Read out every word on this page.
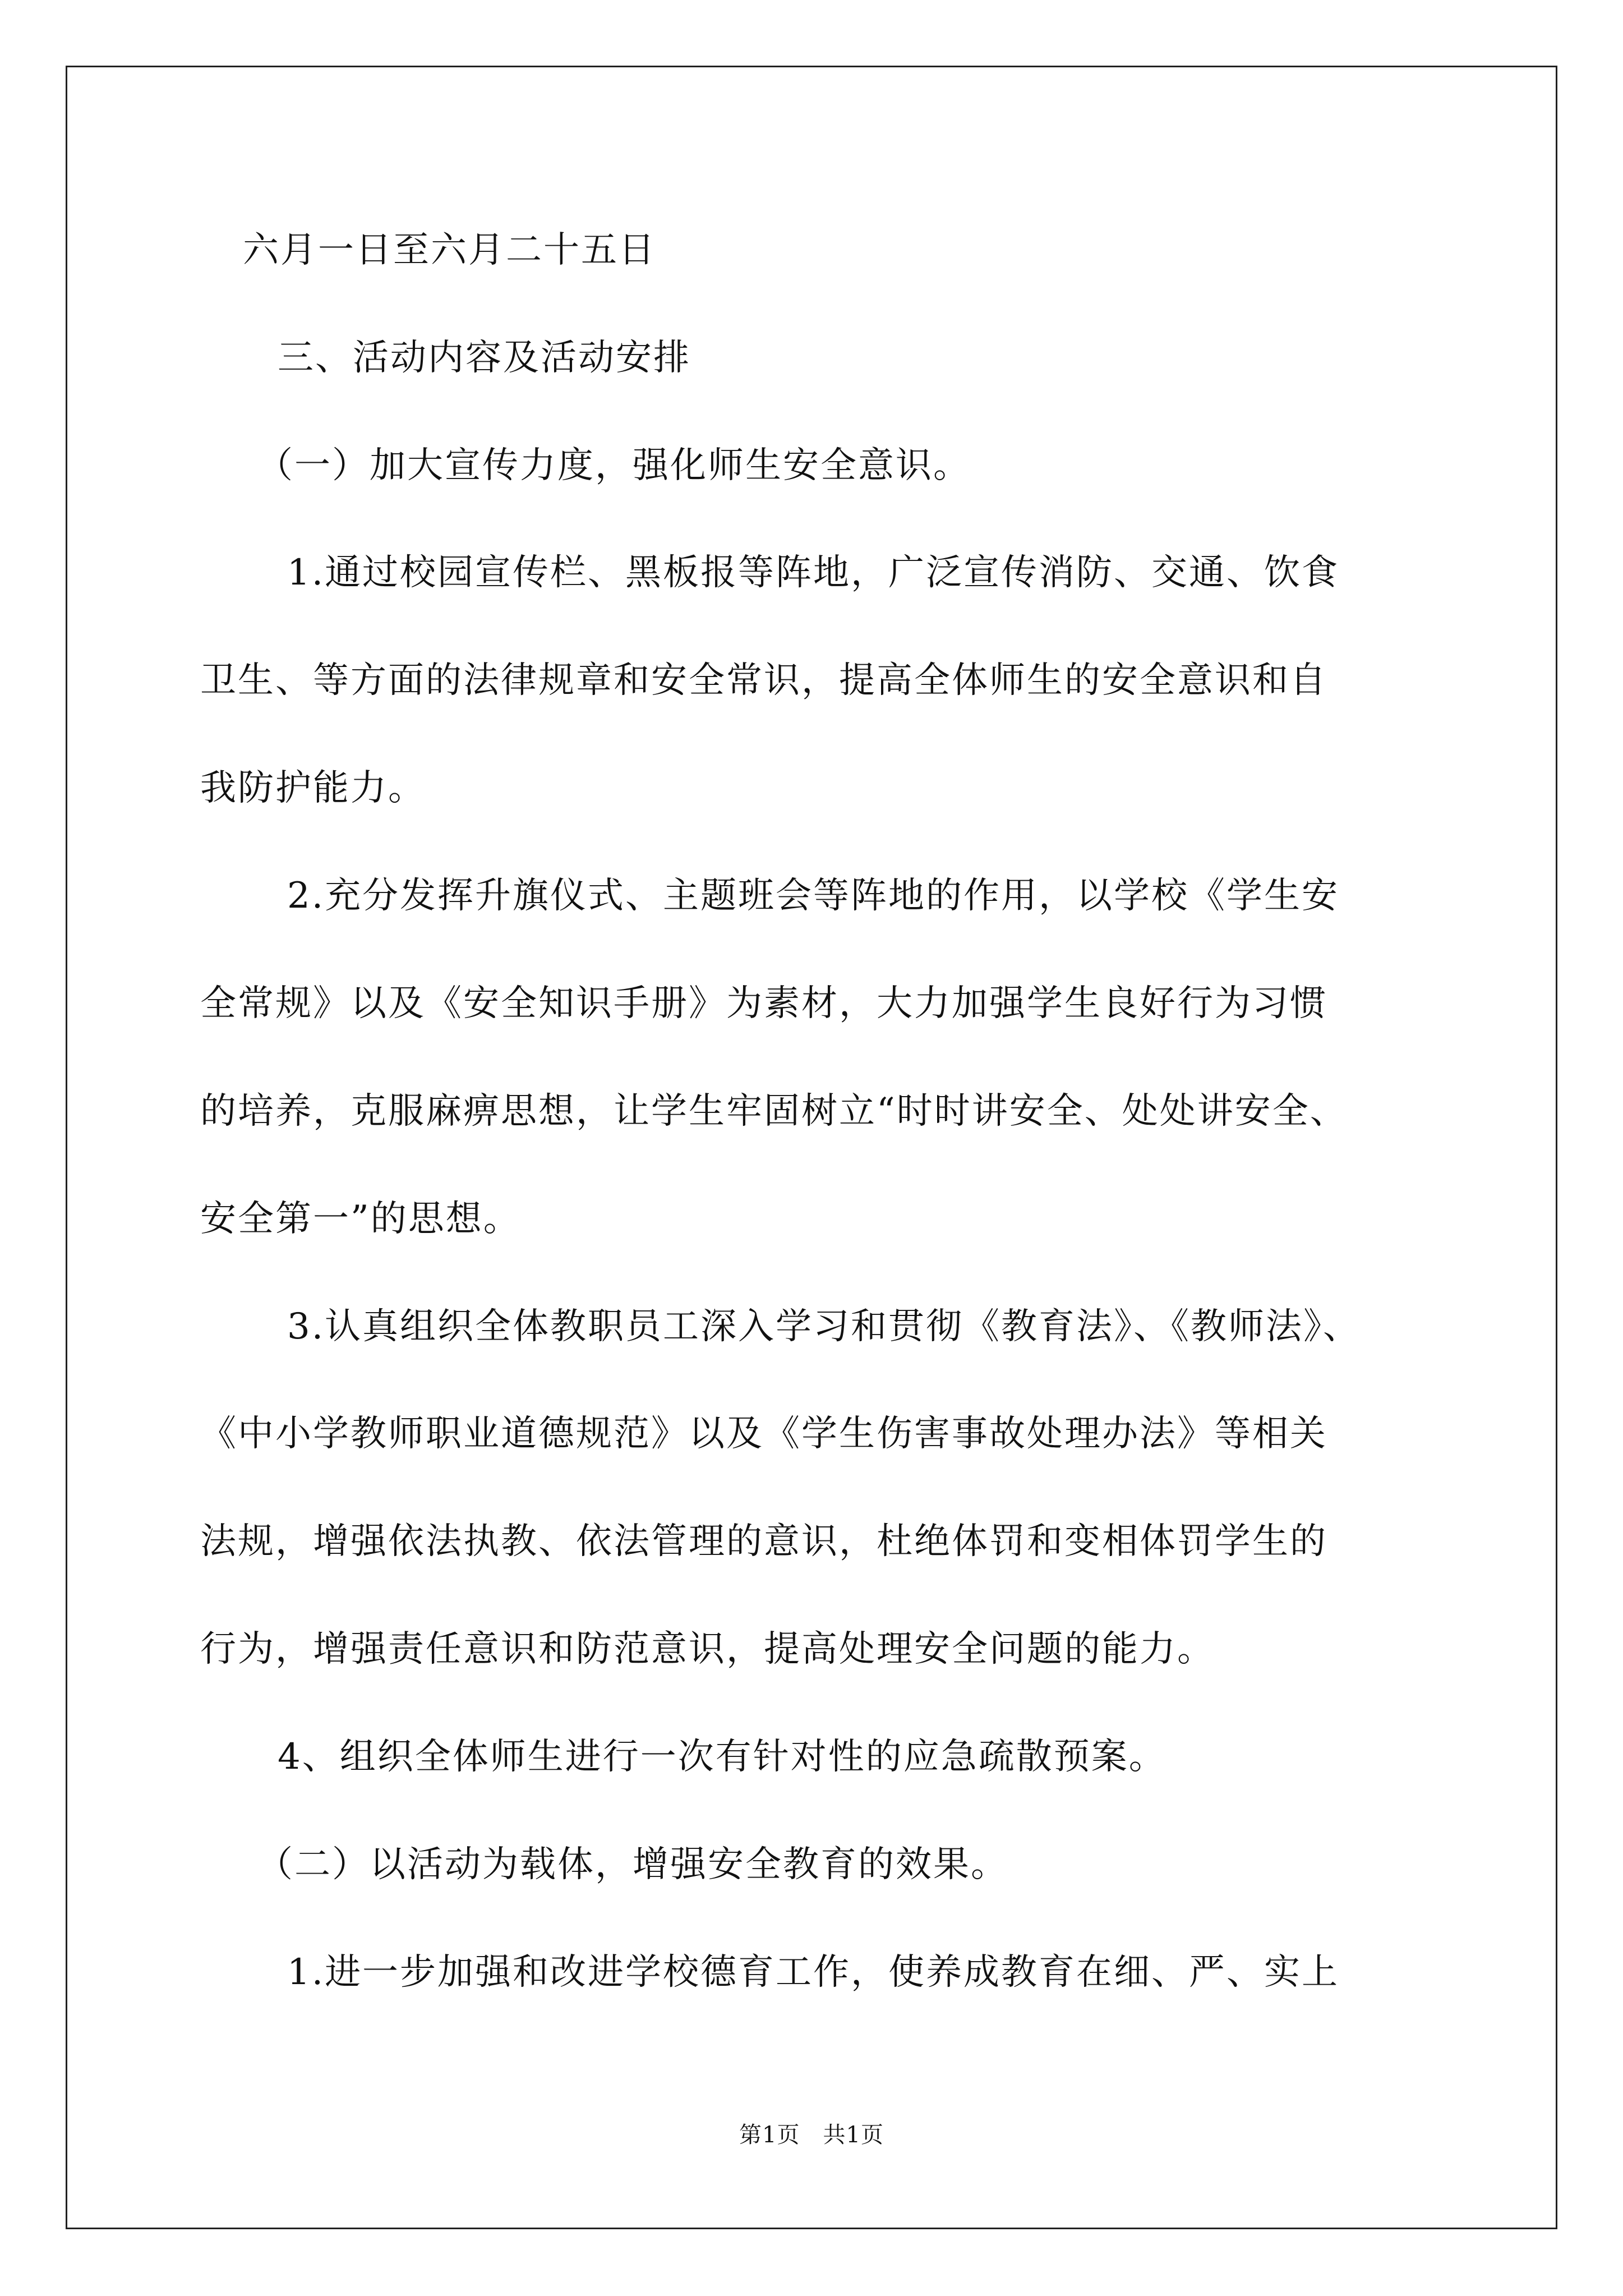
六月一日至六月二十五日

三、活动内容及活动安排

（一）加大宣传力度，强化师生安全意识。

1.通过校园宣传栏、黑板报等阵地，广泛宣传消防、交通、饮食

卫生、等方面的法律规章和安全常识，提高全体师生的安全意识和自

我防护能力。

2.充分发挥升旗仪式、主题班会等阵地的作用，以学校《学生安

全常规》以及《安全知识手册》为素材，大力加强学生良好行为习惯

的培养，克服麻痹思想，让学生牢固树立“时时讲安全、处处讲安全、

安全第一”的思想。

3.认真组织全体教职员工深入学习和贯彻《教育法》、《教师法》、

《中小学教师职业道德规范》以及《学生伤害事故处理办法》等相关

法规，增强依法执教、依法管理的意识，杜绝体罚和变相体罚学生的

行为，增强责任意识和防范意识，提高处理安全问题的能力。

4、组织全体师生进行一次有针对性的应急疏散预案。

（二）以活动为载体，增强安全教育的效果。

1.进一步加强和改进学校德育工作，使养成教育在细、严、实上

第1页　共1页
